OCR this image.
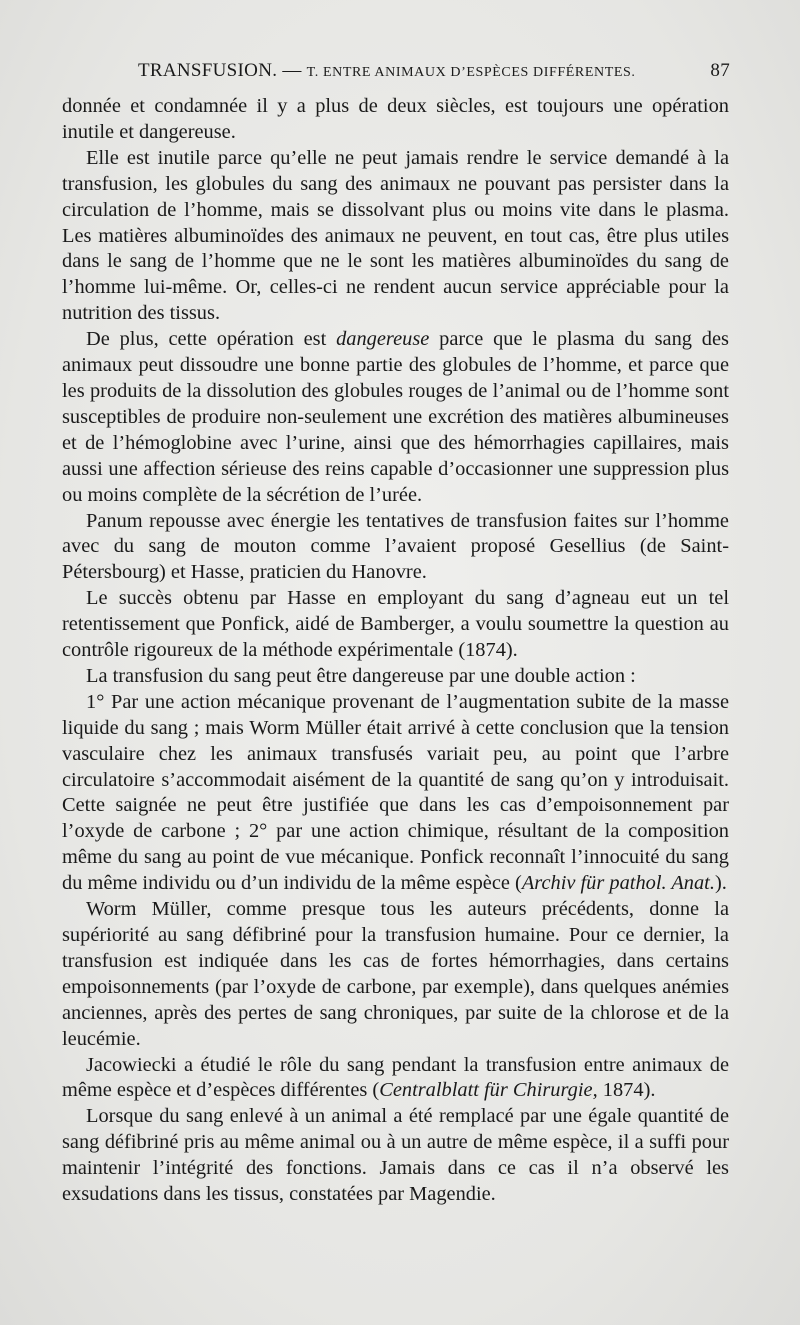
TRANSFUSION. — T. ENTRE ANIMAUX D’ESPÈCES DIFFÉRENTES.	87

donnée et condamnée il y a plus de deux siècles, est toujours une opération inutile et dangereuse.

Elle est inutile parce qu’elle ne peut jamais rendre le service demandé à la transfusion, les globules du sang des animaux ne pouvant pas persister dans la circulation de l’homme, mais se dissolvant plus ou moins vite dans le plasma. Les matières albuminoïdes des animaux ne peuvent, en tout cas, être plus utiles dans le sang de l’homme que ne le sont les matières albuminoïdes du sang de l’homme lui-même. Or, celles-ci ne rendent aucun service appréciable pour la nutrition des tissus.

De plus, cette opération est dangereuse parce que le plasma du sang des animaux peut dissoudre une bonne partie des globules de l’homme, et parce que les produits de la dissolution des globules rouges de l’animal ou de l’homme sont susceptibles de produire non-seulement une excrétion des matières albumineuses et de l’hémoglobine avec l’urine, ainsi que des hémorrhagies capillaires, mais aussi une affection sérieuse des reins capable d’occasionner une suppression plus ou moins complète de la sécrétion de l’urée.

Panum repousse avec énergie les tentatives de transfusion faites sur l’homme avec du sang de mouton comme l’avaient proposé Gesellius (de Saint-Pétersbourg) et Hasse, praticien du Hanovre.

Le succès obtenu par Hasse en employant du sang d’agneau eut un tel retentissement que Ponfick, aidé de Bamberger, a voulu soumettre la question au contrôle rigoureux de la méthode expérimentale (1874).

La transfusion du sang peut être dangereuse par une double action :

1° Par une action mécanique provenant de l’augmentation subite de la masse liquide du sang ; mais Worm Müller était arrivé à cette conclusion que la tension vasculaire chez les animaux transfusés variait peu, au point que l’arbre circulatoire s’accommodait aisément de la quantité de sang qu’on y introduisait. Cette saignée ne peut être justifiée que dans les cas d’empoisonnement par l’oxyde de carbone ; 2° par une action chimique, résultant de la composition même du sang au point de vue mécanique. Ponfick reconnaît l’innocuité du sang du même individu ou d’un individu de la même espèce (Archiv für pathol. Anat.).

Worm Müller, comme presque tous les auteurs précédents, donne la supériorité au sang défibriné pour la transfusion humaine. Pour ce dernier, la transfusion est indiquée dans les cas de fortes hémorrhagies, dans certains empoisonnements (par l’oxyde de carbone, par exemple), dans quelques anémies anciennes, après des pertes de sang chroniques, par suite de la chlorose et de la leucémie.

Jacowiecki a étudié le rôle du sang pendant la transfusion entre animaux de même espèce et d’espèces différentes (Centralblatt für Chirurgie, 1874).

Lorsque du sang enlevé à un animal a été remplacé par une égale quantité de sang défibriné pris au même animal ou à un autre de même espèce, il a suffi pour maintenir l’intégrité des fonctions. Jamais dans ce cas il n’a observé les exsudations dans les tissus, constatées par Magendie.
